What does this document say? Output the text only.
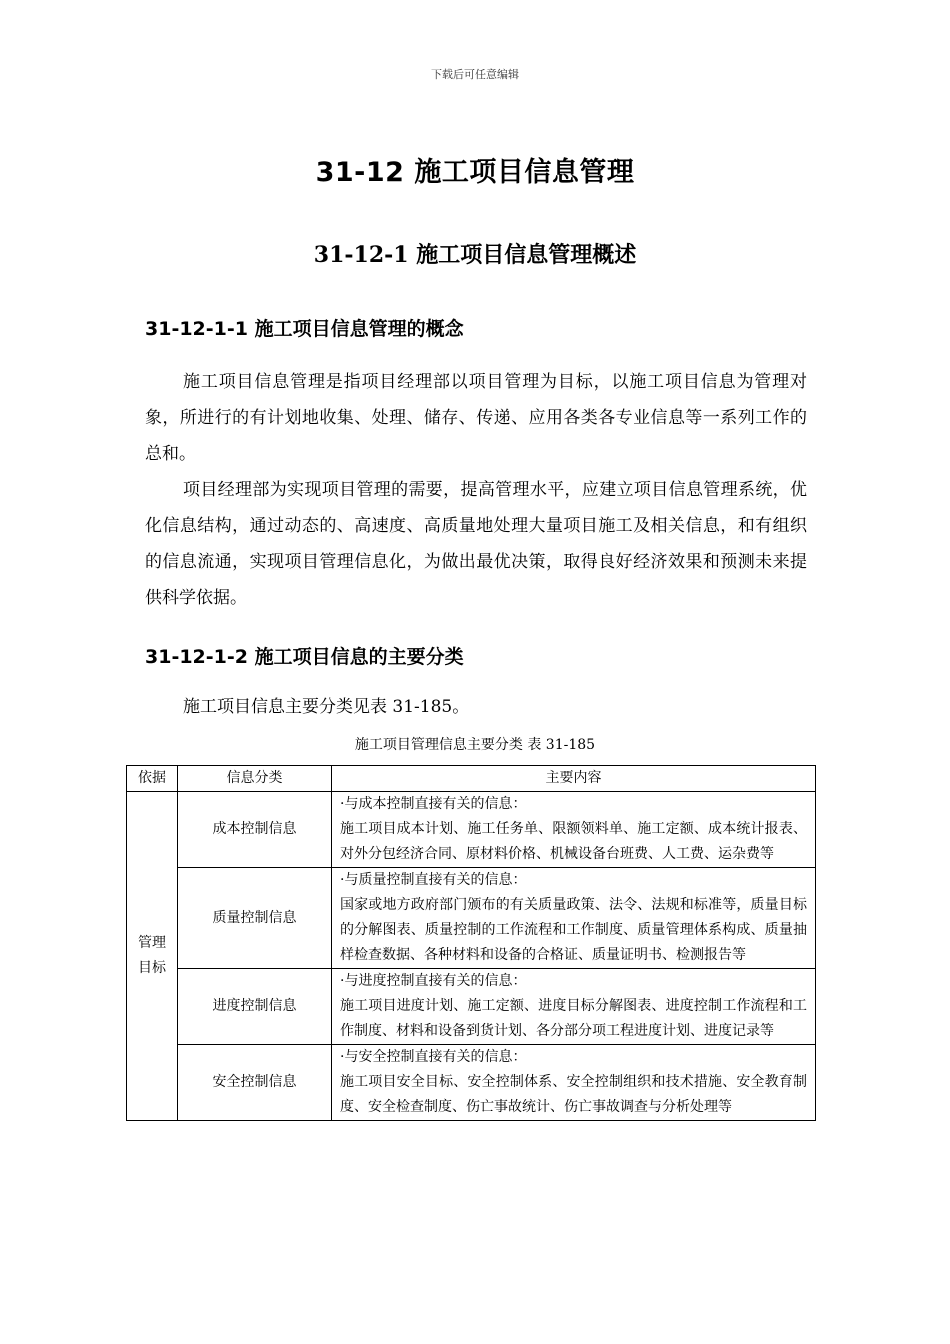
下载后可任意编辑
31-12 施工项目信息管理
31-12-1 施工项目信息管理概述
31-12-1-1 施工项目信息管理的概念
施工项目信息管理是指项目经理部以项目管理为目标，以施工项目信息为管理对象，所进行的有计划地收集、处理、储存、传递、应用各类各专业信息等一系列工作的总和。
项目经理部为实现项目管理的需要，提高管理水平，应建立项目信息管理系统，优化信息结构，通过动态的、高速度、高质量地处理大量项目施工及相关信息，和有组织的信息流通，实现项目管理信息化，为做出最优决策，取得良好经济效果和预测未来提供科学依据。
31-12-1-2 施工项目信息的主要分类
施工项目信息主要分类见表 31-185。
施工项目管理信息主要分类 表 31-185
依据	信息分类	主要内容
管理目标	成本控制信息	·与成本控制直接有关的信息：
施工项目成本计划、施工任务单、限额领料单、施工定额、成本统计报表、对外分包经济合同、原材料价格、机械设备台班费、人工费、运杂费等

	质量控制信息	·与质量控制直接有关的信息：
国家或地方政府部门颁布的有关质量政策、法令、法规和标准等，质量目标的分解图表、质量控制的工作流程和工作制度、质量管理体系构成、质量抽样检查数据、各种材料和设备的合格证、质量证明书、检测报告等

	进度控制信息	·与进度控制直接有关的信息：
施工项目进度计划、施工定额、进度目标分解图表、进度控制工作流程和工作制度、材料和设备到货计划、各分部分项工程进度计划、进度记录等

	安全控制信息	·与安全控制直接有关的信息：
施工项目安全目标、安全控制体系、安全控制组织和技术措施、安全教育制度、安全检查制度、伤亡事故统计、伤亡事故调查与分析处理等
